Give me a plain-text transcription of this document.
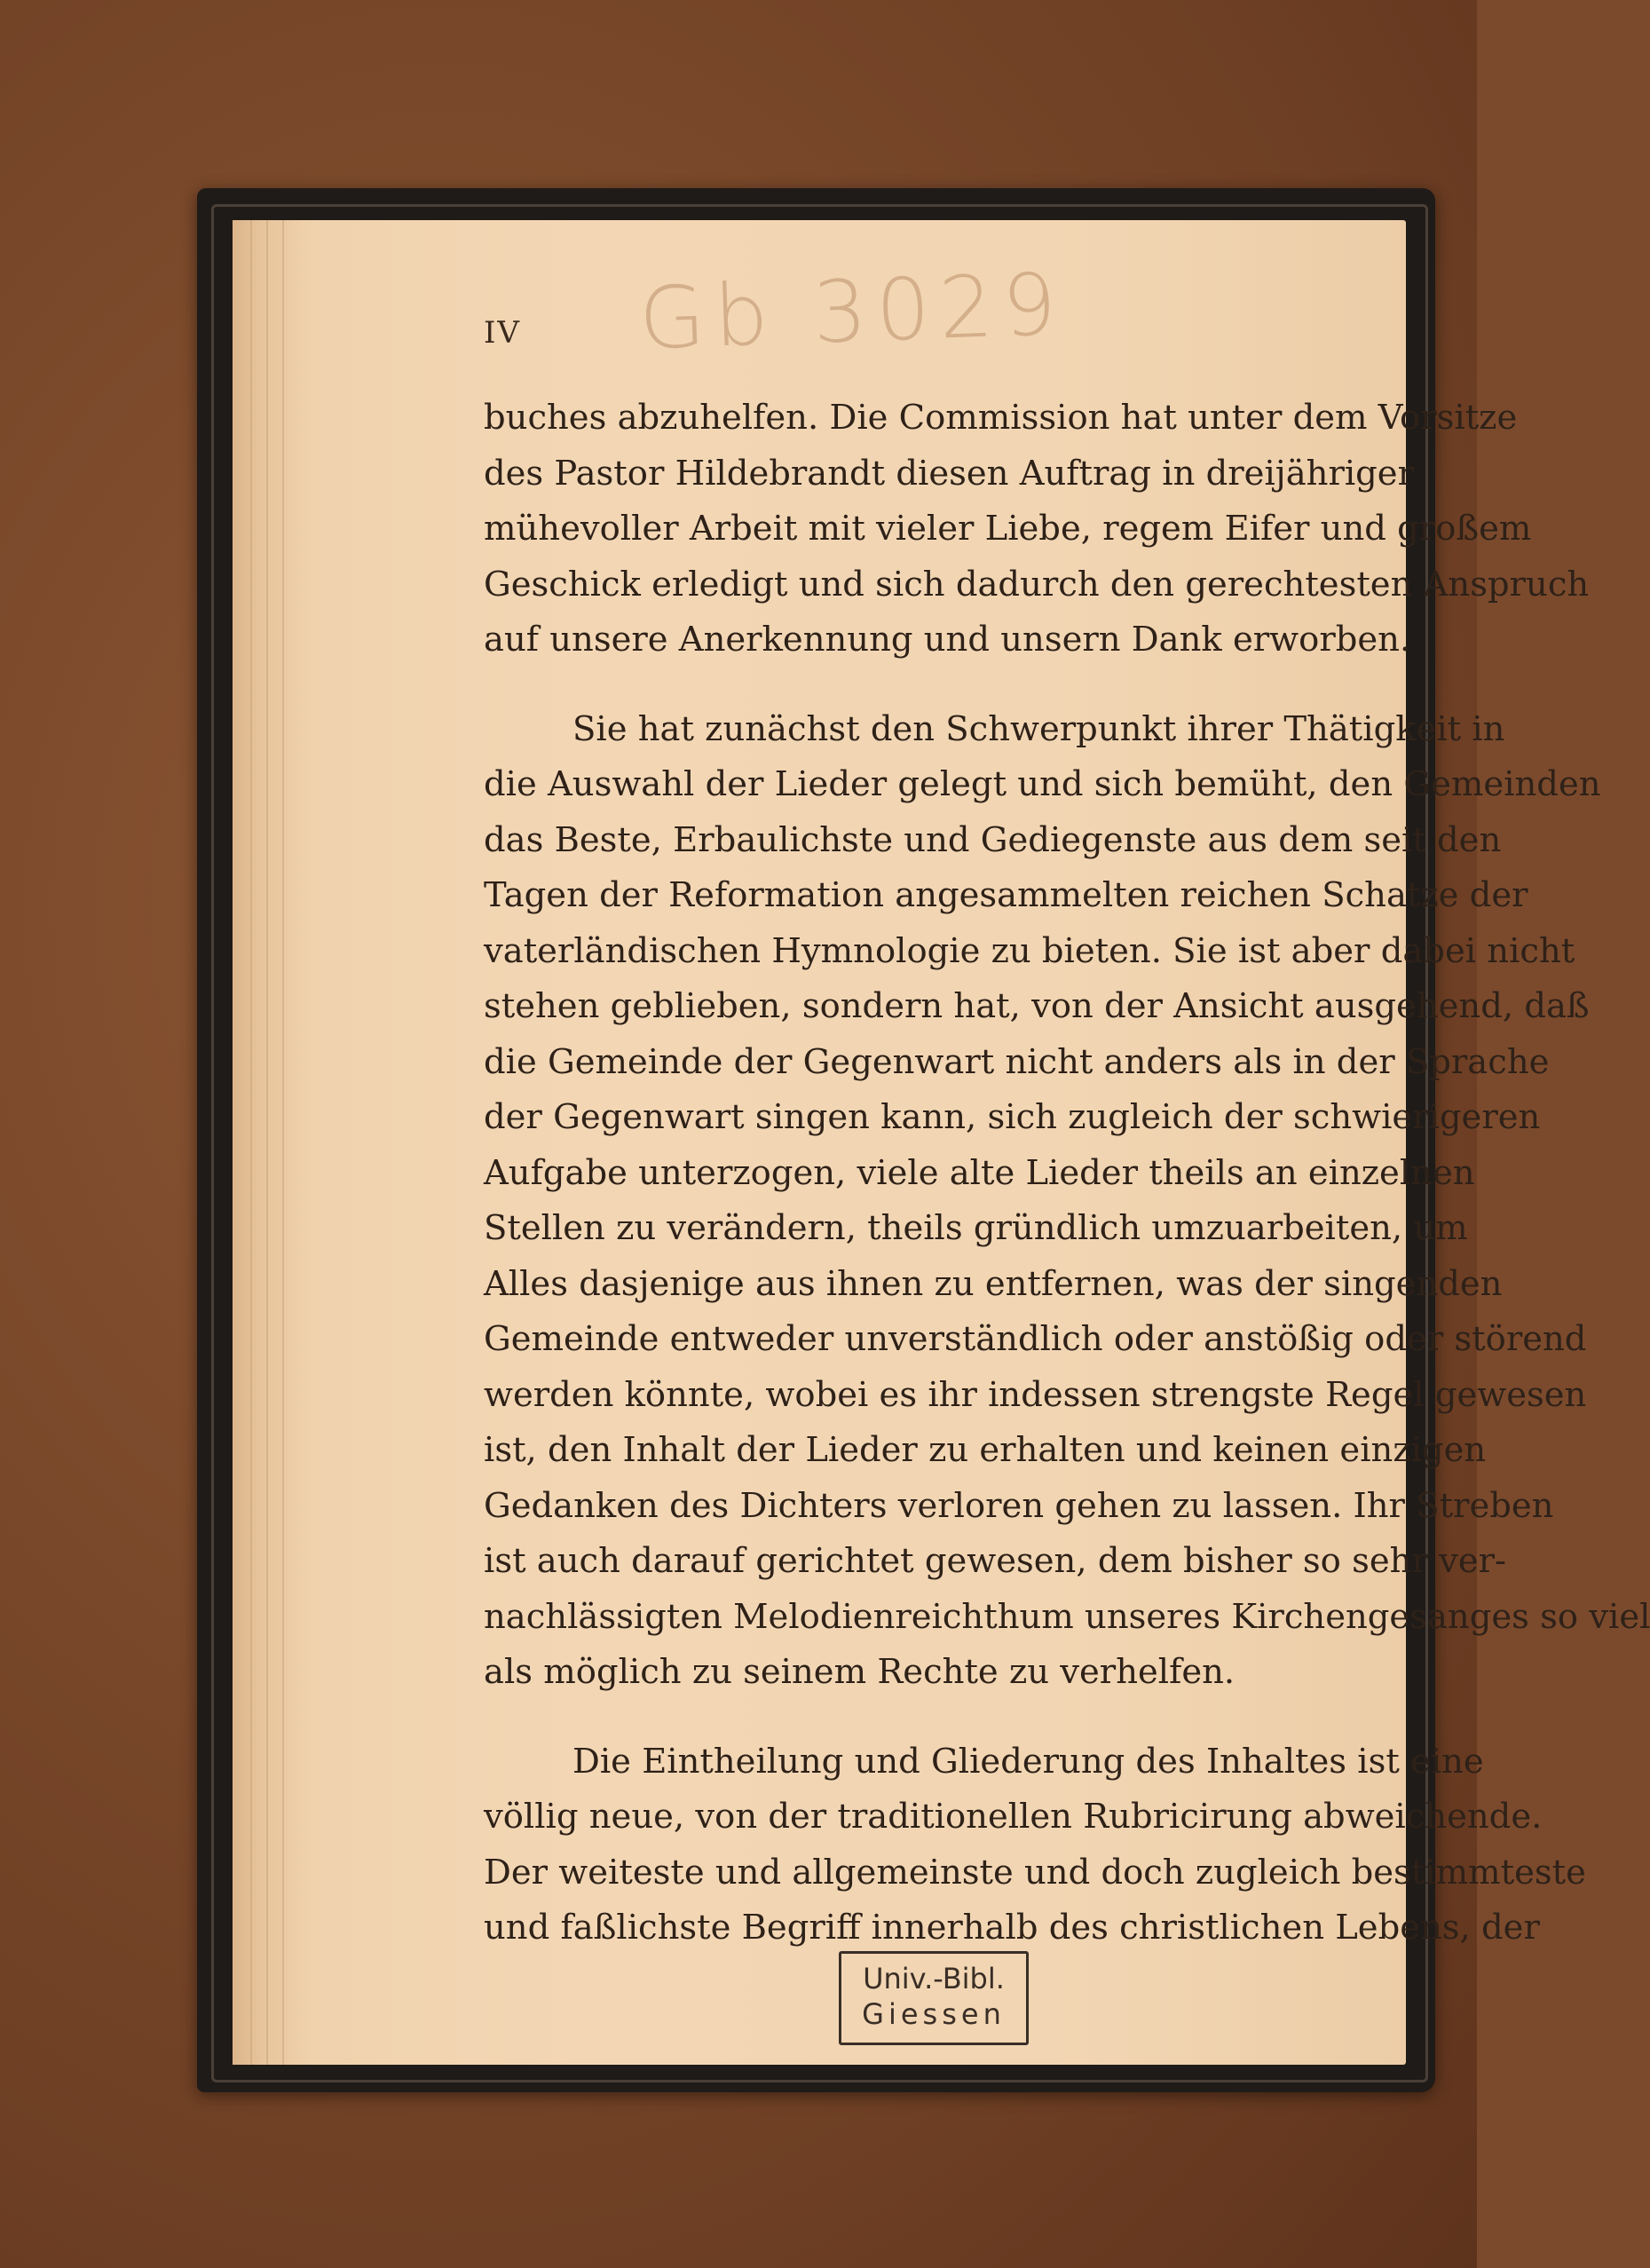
IV Gb 3029
buches abzuhelfen. Die Commission hat unter dem Vorsitze
des Pastor Hildebrandt diesen Auftrag in dreijähriger
mühevoller Arbeit mit vieler Liebe, regem Eifer und großem
Geschick erledigt und sich dadurch den gerechtesten Anspruch
auf unsere Anerkennung und unsern Dank erworben.
Sie hat zunächst den Schwerpunkt ihrer Thätigkeit in
die Auswahl der Lieder gelegt und sich bemüht, den Gemeinden
das Beste, Erbaulichste und Gediegenste aus dem seit den
Tagen der Reformation angesammelten reichen Schatze der
vaterländischen Hymnologie zu bieten. Sie ist aber dabei nicht
stehen geblieben, sondern hat, von der Ansicht ausgehend, daß
die Gemeinde der Gegenwart nicht anders als in der Sprache
der Gegenwart singen kann, sich zugleich der schwierigeren
Aufgabe unterzogen, viele alte Lieder theils an einzelnen
Stellen zu verändern, theils gründlich umzuarbeiten, um
Alles dasjenige aus ihnen zu entfernen, was der singenden
Gemeinde entweder unverständlich oder anstößig oder störend
werden könnte, wobei es ihr indessen strengste Regel gewesen
ist, den Inhalt der Lieder zu erhalten und keinen einzigen
Gedanken des Dichters verloren gehen zu lassen. Ihr Streben
ist auch darauf gerichtet gewesen, dem bisher so sehr ver-
nachlässigten Melodienreichthum unseres Kirchengesanges so viel
als möglich zu seinem Rechte zu verhelfen.
Die Eintheilung und Gliederung des Inhaltes ist eine
völlig neue, von der traditionellen Rubricirung abweichende.
Der weiteste und allgemeinste und doch zugleich bestimmteste
und faßlichste Begriff innerhalb des christlichen Lebens, der
Univ.-Bibl.
Giessen
